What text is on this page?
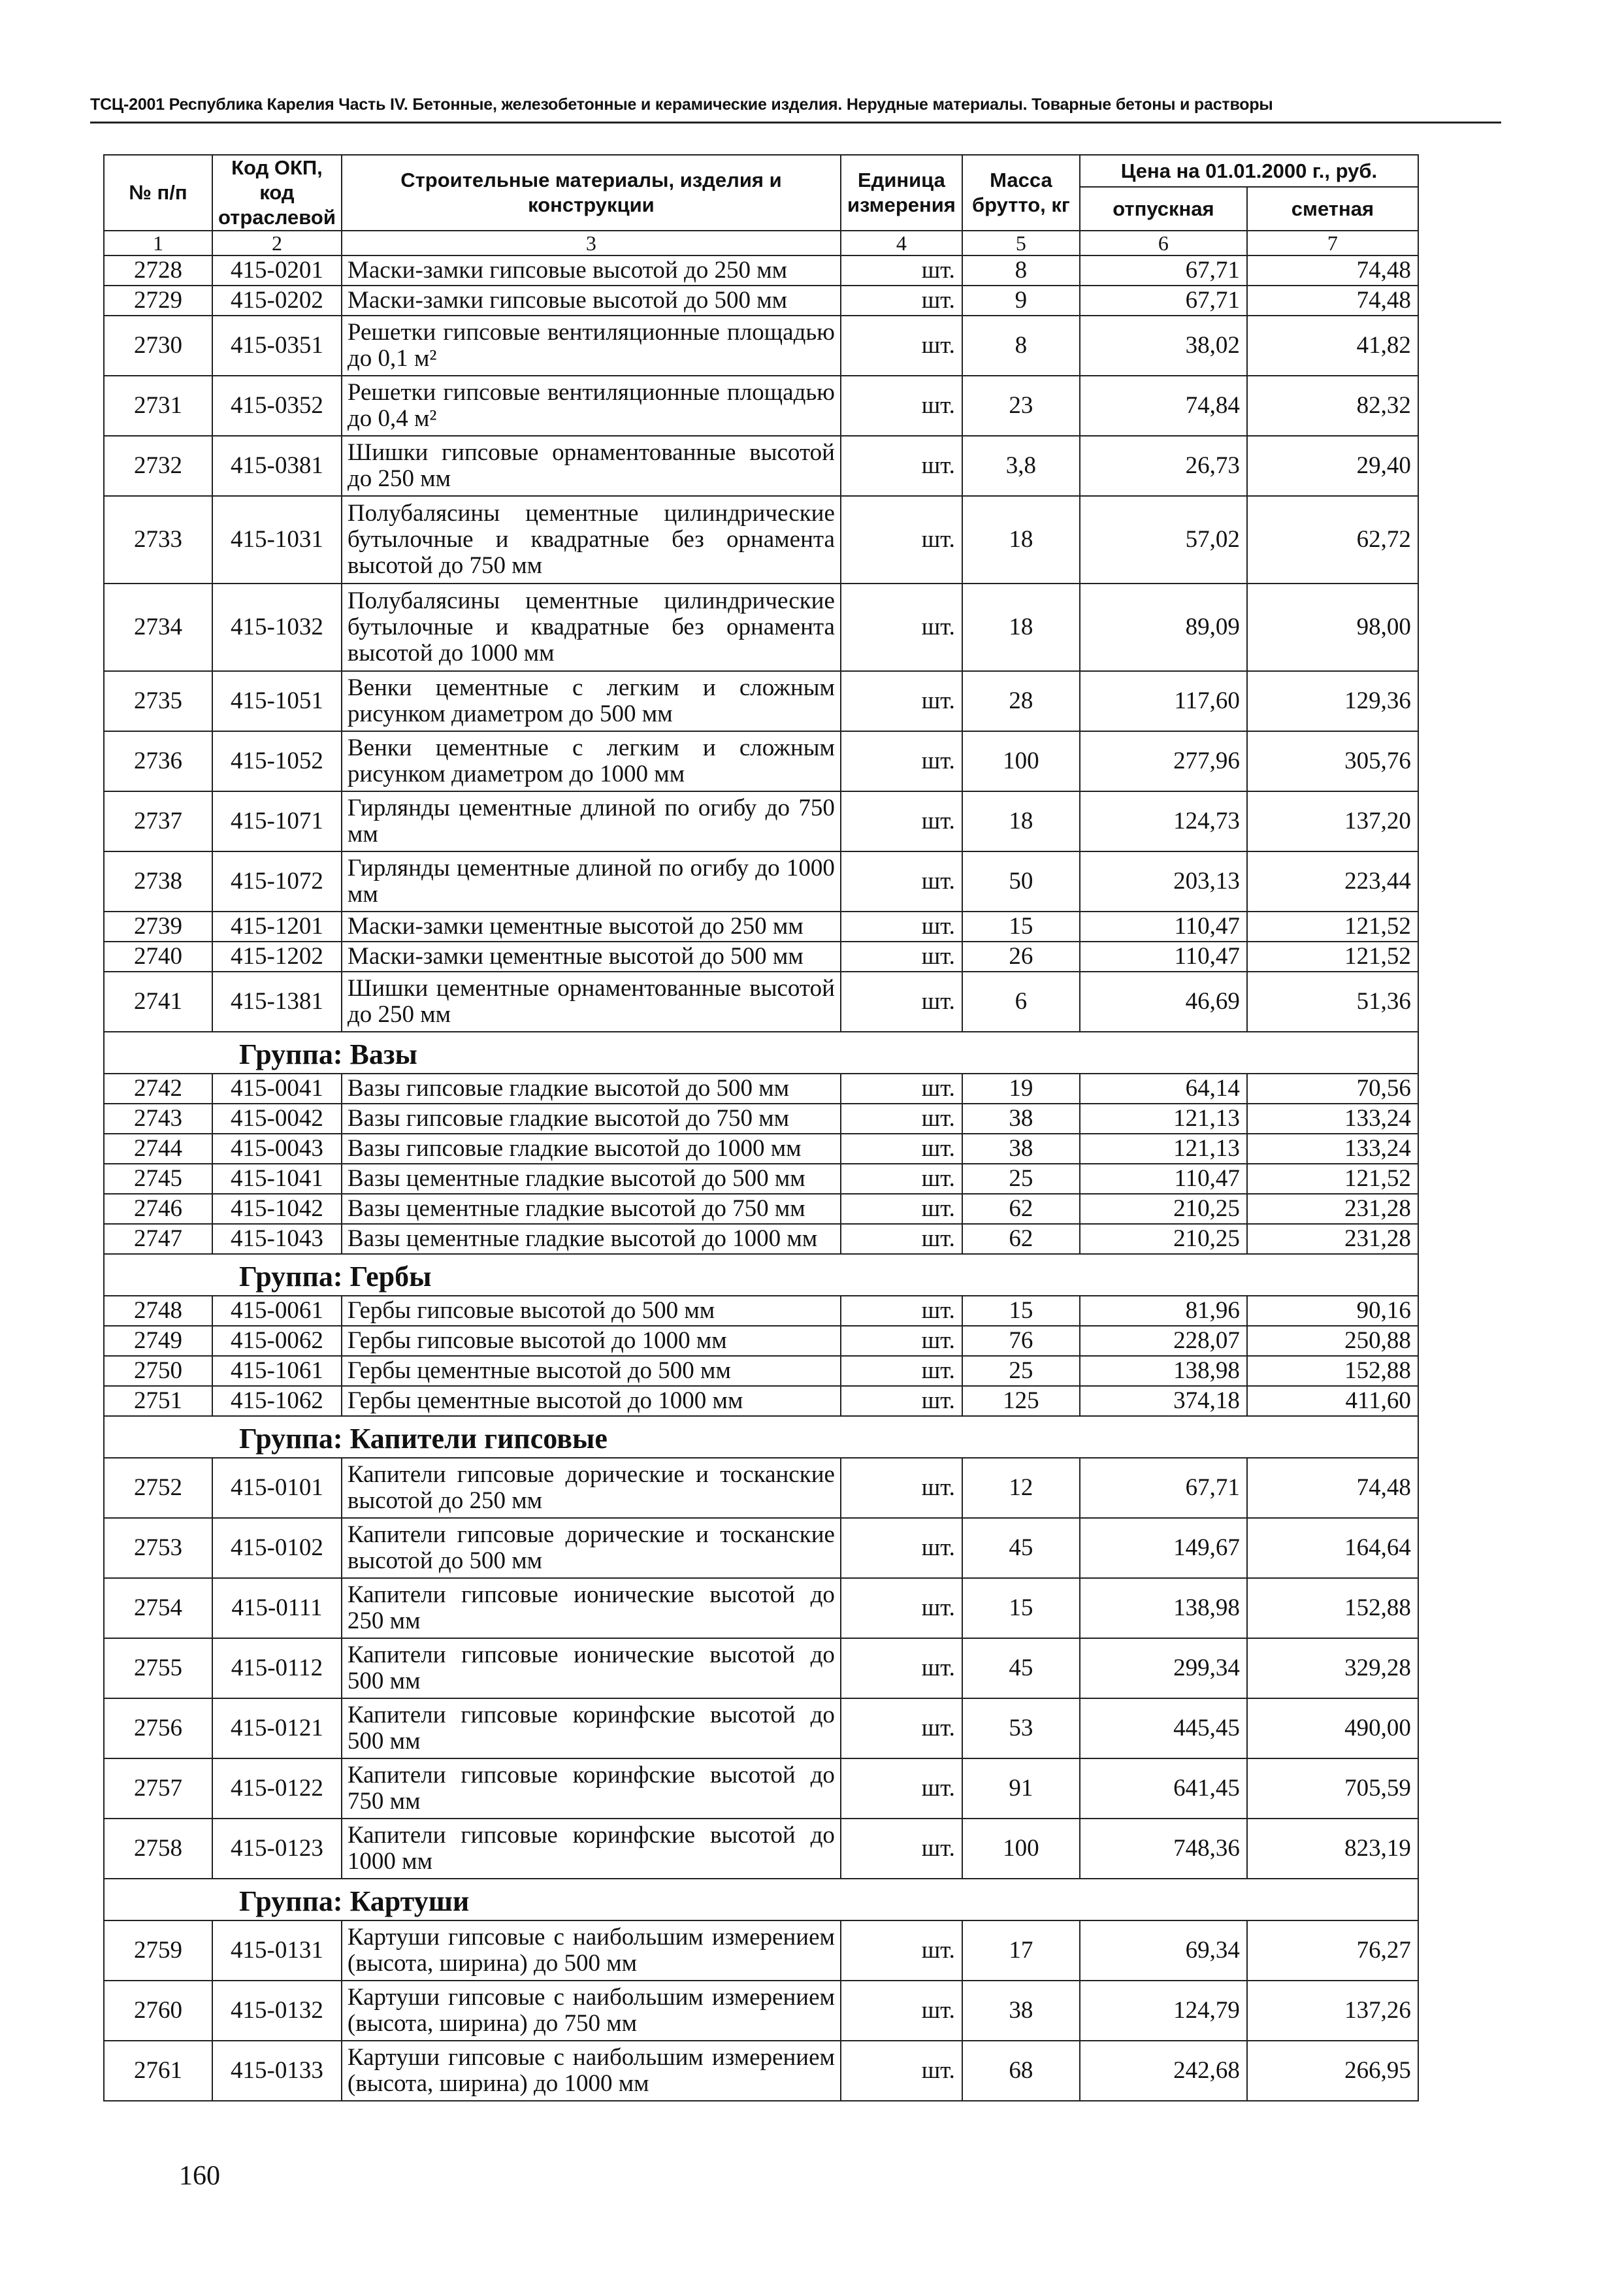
ТСЦ-2001 Республика Карелия Часть IV. Бетонные, железобетонные и керамические изделия. Нерудные материалы. Товарные бетоны и растворы
№ п/п	Код ОКП, код отраслевой	Строительные материалы, изделия и конструкции	Единица измерения	Масса брутто, кг	Цена на 01.01.2000 г., руб.	
					отпускная	сметная
1	2	3	4	5	6	7
2728	415-0201	Маски-замки гипсовые высотой до 250 мм	шт.	8	67,71	74,48
2729	415-0202	Маски-замки гипсовые высотой до 500 мм	шт.	9	67,71	74,48
2730	415-0351	Решетки гипсовые вентиляционные площадью до 0,1 м²	шт.	8	38,02	41,82
2731	415-0352	Решетки гипсовые вентиляционные площадью до 0,4 м²	шт.	23	74,84	82,32
2732	415-0381	Шишки гипсовые орнаментованные высотой до 250 мм	шт.	3,8	26,73	29,40
2733	415-1031	Полубалясины цементные цилиндрические бутылочные и квадратные без орнамента высотой до 750 мм	шт.	18	57,02	62,72
2734	415-1032	Полубалясины цементные цилиндрические бутылочные и квадратные без орнамента высотой до 1000 мм	шт.	18	89,09	98,00
2735	415-1051	Венки цементные с легким и сложным рисунком диаметром до 500 мм	шт.	28	117,60	129,36
2736	415-1052	Венки цементные с легким и сложным рисунком диаметром до 1000 мм	шт.	100	277,96	305,76
2737	415-1071	Гирлянды цементные длиной по огибу до 750 мм	шт.	18	124,73	137,20
2738	415-1072	Гирлянды цементные длиной по огибу до 1000 мм	шт.	50	203,13	223,44
2739	415-1201	Маски-замки цементные высотой до 250 мм	шт.	15	110,47	121,52
2740	415-1202	Маски-замки цементные высотой до 500 мм	шт.	26	110,47	121,52
2741	415-1381	Шишки цементные орнаментованные высотой до 250 мм	шт.	6	46,69	51,36
Группа: Вазы						
2742	415-0041	Вазы гипсовые гладкие высотой до 500 мм	шт.	19	64,14	70,56
2743	415-0042	Вазы гипсовые гладкие высотой до 750 мм	шт.	38	121,13	133,24
2744	415-0043	Вазы гипсовые гладкие высотой до 1000 мм	шт.	38	121,13	133,24
2745	415-1041	Вазы цементные гладкие высотой до 500 мм	шт.	25	110,47	121,52
2746	415-1042	Вазы цементные гладкие высотой до 750 мм	шт.	62	210,25	231,28
2747	415-1043	Вазы цементные гладкие высотой до 1000 мм	шт.	62	210,25	231,28
Группа: Гербы						
2748	415-0061	Гербы гипсовые высотой до 500 мм	шт.	15	81,96	90,16
2749	415-0062	Гербы гипсовые высотой до 1000 мм	шт.	76	228,07	250,88
2750	415-1061	Гербы цементные высотой до 500 мм	шт.	25	138,98	152,88
2751	415-1062	Гербы цементные высотой до 1000 мм	шт.	125	374,18	411,60
Группа: Капители гипсовые						
2752	415-0101	Капители гипсовые дорические и тосканские высотой до 250 мм	шт.	12	67,71	74,48
2753	415-0102	Капители гипсовые дорические и тосканские высотой до 500 мм	шт.	45	149,67	164,64
2754	415-0111	Капители гипсовые ионические высотой до 250 мм	шт.	15	138,98	152,88
2755	415-0112	Капители гипсовые ионические высотой до 500 мм	шт.	45	299,34	329,28
2756	415-0121	Капители гипсовые коринфские высотой до 500 мм	шт.	53	445,45	490,00
2757	415-0122	Капители гипсовые коринфские высотой до 750 мм	шт.	91	641,45	705,59
2758	415-0123	Капители гипсовые коринфские высотой до 1000 мм	шт.	100	748,36	823,19
Группа: Картуши						
2759	415-0131	Картуши гипсовые с наибольшим измерением (высота, ширина) до 500 мм	шт.	17	69,34	76,27
2760	415-0132	Картуши гипсовые с наибольшим измерением (высота, ширина) до 750 мм	шт.	38	124,79	137,26
2761	415-0133	Картуши гипсовые с наибольшим измерением (высота, ширина) до 1000 мм	шт.	68	242,68	266,95
160
